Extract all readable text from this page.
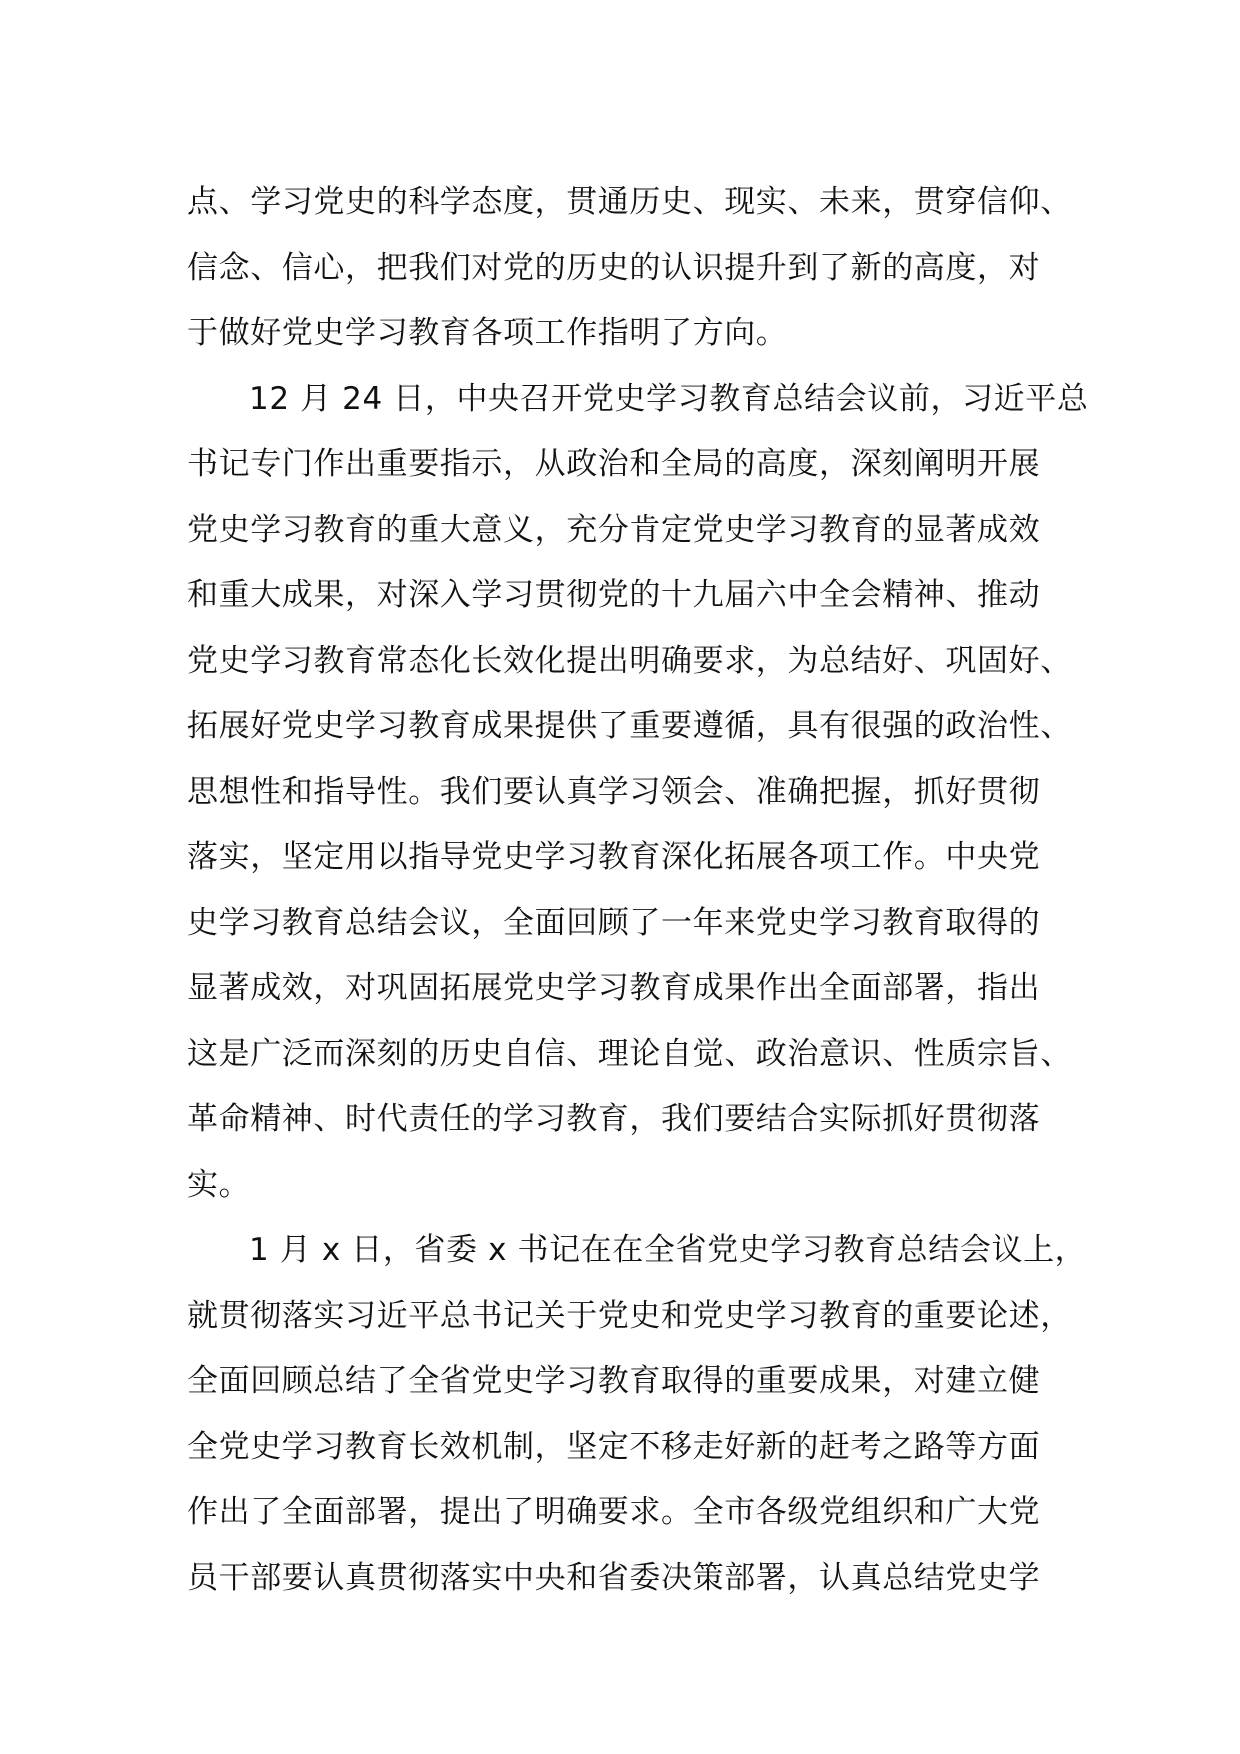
点、学习党史的科学态度，贯通历史、现实、未来，贯穿信仰、
信念、信心，把我们对党的历史的认识提升到了新的高度，对
于做好党史学习教育各项工作指明了方向。
12 月 24 日，中央召开党史学习教育总结会议前，习近平总
书记专门作出重要指示，从政治和全局的高度，深刻阐明开展
党史学习教育的重大意义，充分肯定党史学习教育的显著成效
和重大成果，对深入学习贯彻党的十九届六中全会精神、推动
党史学习教育常态化长效化提出明确要求，为总结好、巩固好、
拓展好党史学习教育成果提供了重要遵循，具有很强的政治性、
思想性和指导性。我们要认真学习领会、准确把握，抓好贯彻
落实，坚定用以指导党史学习教育深化拓展各项工作。中央党
史学习教育总结会议，全面回顾了一年来党史学习教育取得的
显著成效，对巩固拓展党史学习教育成果作出全面部署，指出
这是广泛而深刻的历史自信、理论自觉、政治意识、性质宗旨、
革命精神、时代责任的学习教育，我们要结合实际抓好贯彻落
实。
1 月 x 日，省委 x 书记在在全省党史学习教育总结会议上，
就贯彻落实习近平总书记关于党史和党史学习教育的重要论述，
全面回顾总结了全省党史学习教育取得的重要成果，对建立健
全党史学习教育长效机制，坚定不移走好新的赶考之路等方面
作出了全面部署，提出了明确要求。全市各级党组织和广大党
员干部要认真贯彻落实中央和省委决策部署，认真总结党史学
